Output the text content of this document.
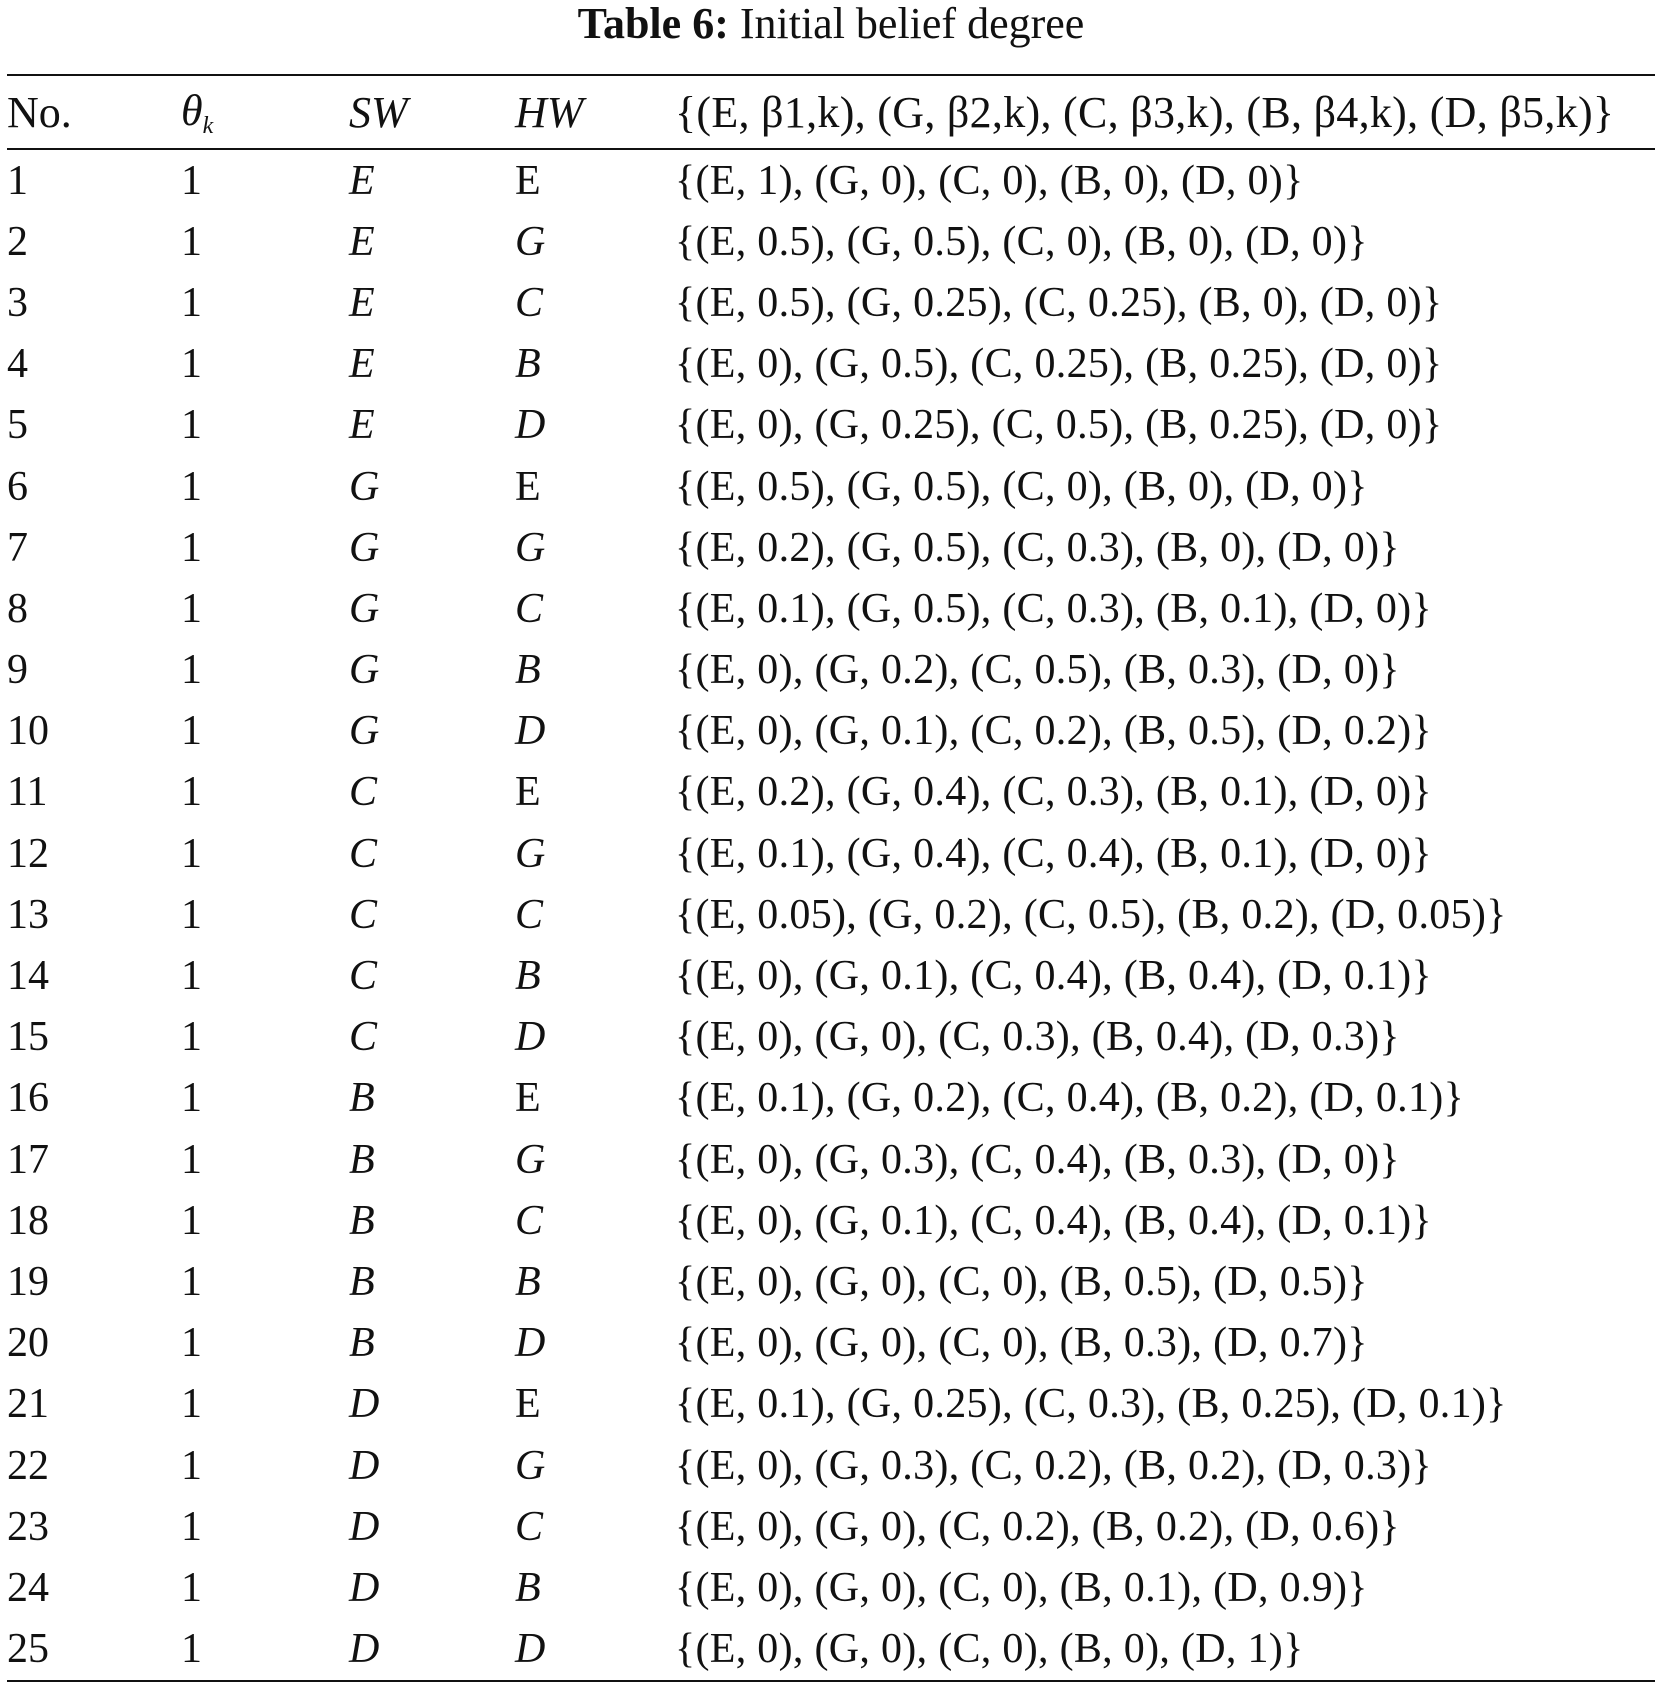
Table 6: Initial belief degree
No.	$\theta_k$	SW	HW	{(E, β1,k), (G, β2,k), (C, β3,k), (B, β4,k), (D, β5,k)}
1	1	E	E	{(E, 1), (G, 0), (C, 0), (B, 0), (D, 0)}
2	1	E	G	{(E, 0.5), (G, 0.5), (C, 0), (B, 0), (D, 0)}
3	1	E	C	{(E, 0.5), (G, 0.25), (C, 0.25), (B, 0), (D, 0)}
4	1	E	B	{(E, 0), (G, 0.5), (C, 0.25), (B, 0.25), (D, 0)}
5	1	E	D	{(E, 0), (G, 0.25), (C, 0.5), (B, 0.25), (D, 0)}
6	1	G	E	{(E, 0.5), (G, 0.5), (C, 0), (B, 0), (D, 0)}
7	1	G	G	{(E, 0.2), (G, 0.5), (C, 0.3), (B, 0), (D, 0)}
8	1	G	C	{(E, 0.1), (G, 0.5), (C, 0.3), (B, 0.1), (D, 0)}
9	1	G	B	{(E, 0), (G, 0.2), (C, 0.5), (B, 0.3), (D, 0)}
10	1	G	D	{(E, 0), (G, 0.1), (C, 0.2), (B, 0.5), (D, 0.2)}
11	1	C	E	{(E, 0.2), (G, 0.4), (C, 0.3), (B, 0.1), (D, 0)}
12	1	C	G	{(E, 0.1), (G, 0.4), (C, 0.4), (B, 0.1), (D, 0)}
13	1	C	C	{(E, 0.05), (G, 0.2), (C, 0.5), (B, 0.2), (D, 0.05)}
14	1	C	B	{(E, 0), (G, 0.1), (C, 0.4), (B, 0.4), (D, 0.1)}
15	1	C	D	{(E, 0), (G, 0), (C, 0.3), (B, 0.4), (D, 0.3)}
16	1	B	E	{(E, 0.1), (G, 0.2), (C, 0.4), (B, 0.2), (D, 0.1)}
17	1	B	G	{(E, 0), (G, 0.3), (C, 0.4), (B, 0.3), (D, 0)}
18	1	B	C	{(E, 0), (G, 0.1), (C, 0.4), (B, 0.4), (D, 0.1)}
19	1	B	B	{(E, 0), (G, 0), (C, 0), (B, 0.5), (D, 0.5)}
20	1	B	D	{(E, 0), (G, 0), (C, 0), (B, 0.3), (D, 0.7)}
21	1	D	E	{(E, 0.1), (G, 0.25), (C, 0.3), (B, 0.25), (D, 0.1)}
22	1	D	G	{(E, 0), (G, 0.3), (C, 0.2), (B, 0.2), (D, 0.3)}
23	1	D	C	{(E, 0), (G, 0), (C, 0.2), (B, 0.2), (D, 0.6)}
24	1	D	B	{(E, 0), (G, 0), (C, 0), (B, 0.1), (D, 0.9)}
25	1	D	D	{(E, 0), (G, 0), (C, 0), (B, 0), (D, 1)}
